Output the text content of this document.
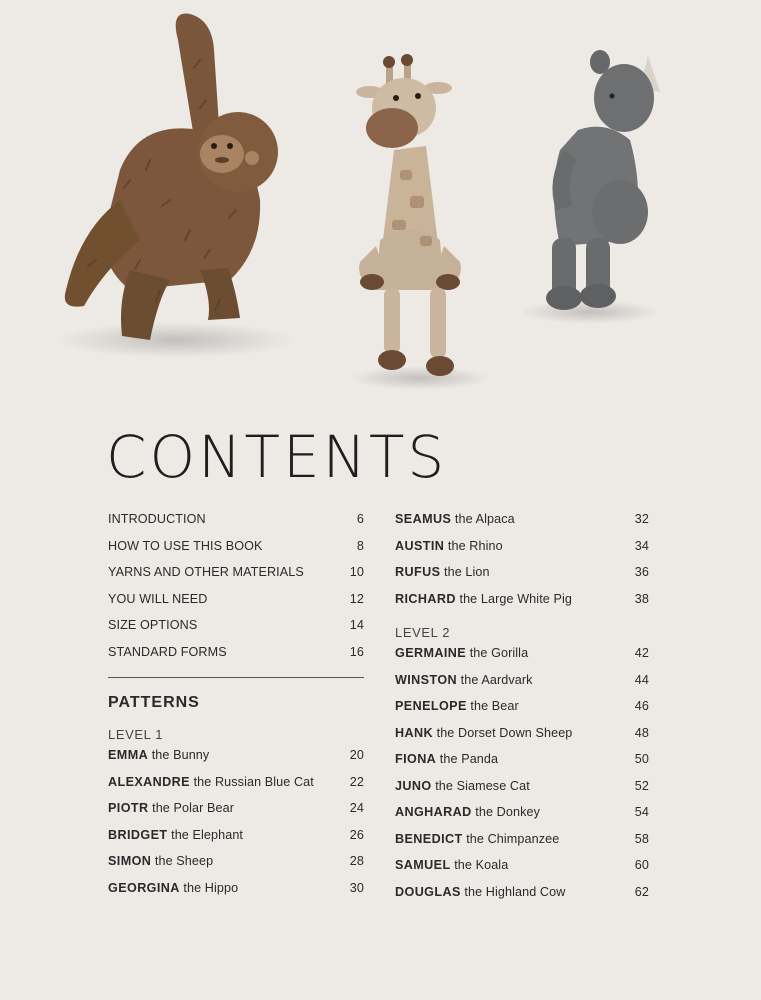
CONTENTS
INTRODUCTION	6
HOW TO USE THIS BOOK	8
YARNS AND OTHER MATERIALS	10
YOU WILL NEED	12
SIZE OPTIONS	14
STANDARD FORMS	16
PATTERNS
LEVEL 1
EMMA the Bunny	20
ALEXANDRE the Russian Blue Cat	22
PIOTR the Polar Bear	24
BRIDGET the Elephant	26
SIMON the Sheep	28
GEORGINA the Hippo	30
SEAMUS the Alpaca	32
AUSTIN the Rhino	34
RUFUS the Lion	36
RICHARD the Large White Pig	38
LEVEL 2
GERMAINE the Gorilla	42
WINSTON the Aardvark	44
PENELOPE the Bear	46
HANK the Dorset Down Sheep	48
FIONA the Panda	50
JUNO the Siamese Cat	52
ANGHARAD the Donkey	54
BENEDICT the Chimpanzee	58
SAMUEL the Koala	60
DOUGLAS the Highland Cow	62
